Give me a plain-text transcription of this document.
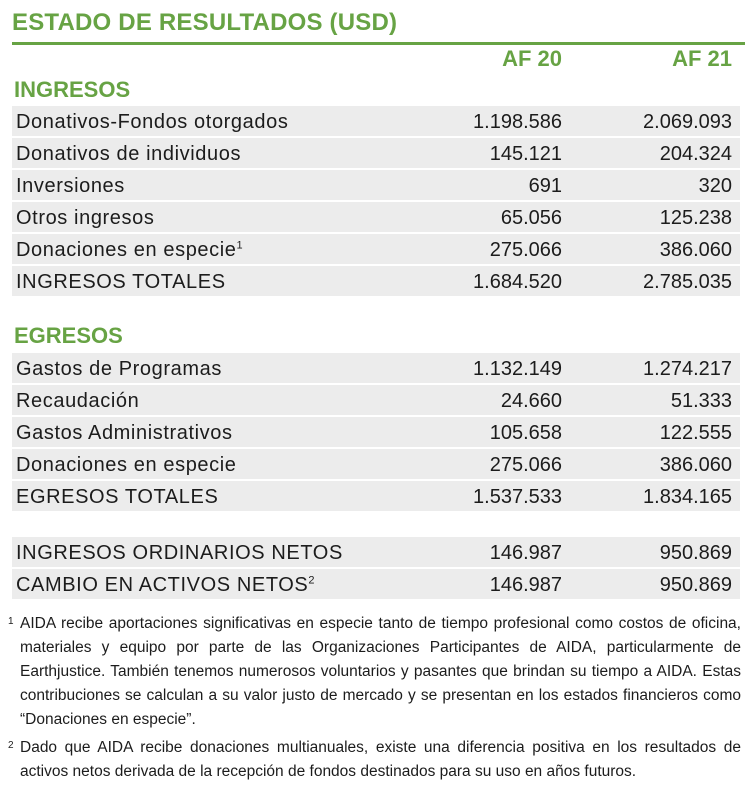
ESTADO DE RESULTADOS (USD)
AF 20	AF 21
INGRESOS
Donativos-Fondos otorgados	1.198.586	2.069.093
Donativos de individuos	145.121	204.324
Inversiones	691	320
Otros ingresos	65.056	125.238
Donaciones en especie$^1$	275.066	386.060
INGRESOS TOTALES	1.684.520	2.785.035
EGRESOS
Gastos de Programas	1.132.149	1.274.217
Recaudación	24.660	51.333
Gastos Administrativos	105.658	122.555
Donaciones en especie	275.066	386.060
EGRESOS TOTALES	1.537.533	1.834.165
INGRESOS ORDINARIOS NETOS	146.987	950.869
CAMBIO EN ACTIVOS NETOS$^2$	146.987	950.869
1 AIDA recibe aportaciones significativas en especie tanto de tiempo profesional como costos de oficina, materiales y equipo por parte de las Organizaciones Participantes de AIDA, particularmente de Earthjustice. También tenemos numerosos voluntarios y pasantes que brindan su tiempo a AIDA. Estas contribuciones se calculan a su valor justo de mercado y se presentan en los estados financieros como “Donaciones en especie”.
2 Dado que AIDA recibe donaciones multianuales, existe una diferencia positiva en los resultados de activos netos derivada de la recepción de fondos destinados para su uso en años futuros.
